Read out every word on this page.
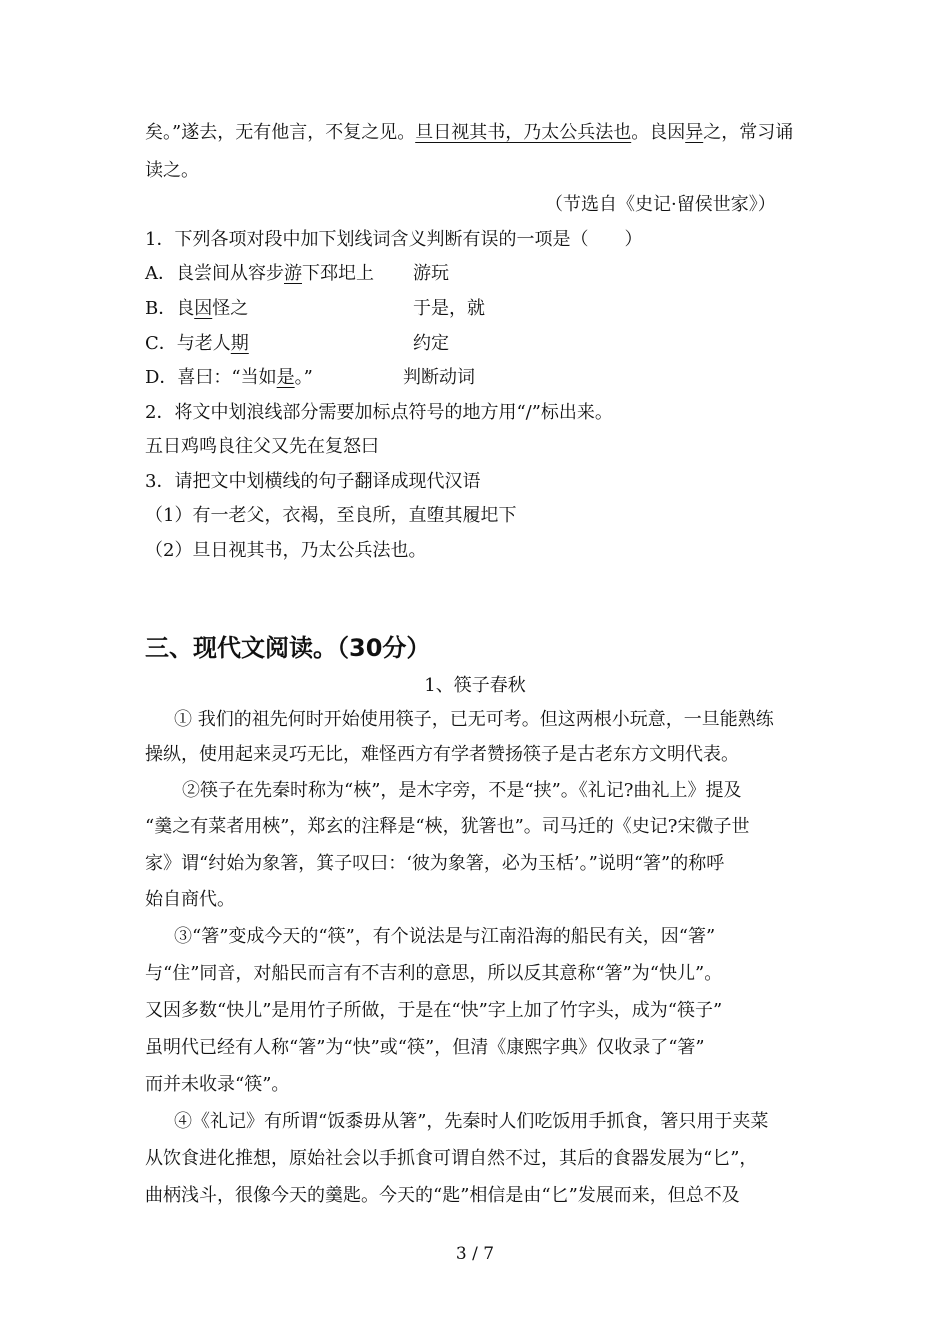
矣。”遂去，无有他言，不复之见。旦日视其书，乃太公兵法也。良因异之，常习诵
读之。
（节选自《史记·留侯世家》）
1．下列各项对段中加下划线词含义判断有误的一项是（　　）
A．良尝间从容步游下邳圯上 游玩
B．良因怪之	于是，就
C．与老人期	约定
D．喜曰：“当如是。”	判断动词
2．将文中划浪线部分需要加标点符号的地方用“/”标出来。
五日鸡鸣良往父又先在复怒曰
3．请把文中划横线的句子翻译成现代汉语
（1）有一老父，衣褐，至良所，直堕其履圯下
（2）旦日视其书，乃太公兵法也。
三、现代文阅读。（30分）
1、筷子春秋
① 我们的祖先何时开始使用筷子，已无可考。但这两根小玩意，一旦能熟练
操纵，使用起来灵巧无比，难怪西方有学者赞扬筷子是古老东方文明代表。
②筷子在先秦时称为“梜”，是木字旁，不是“挟”。《礼记?曲礼上》提及
“羹之有菜者用梜”，郑玄的注释是“梜，犹箸也”。司马迁的《史记?宋微子世
家》谓“纣始为象箸，箕子叹曰：‘彼为象箸，必为玉栝’。”说明“箸”的称呼
始自商代。
③“箸”变成今天的“筷”，有个说法是与江南沿海的船民有关，因“箸”
与“住”同音，对船民而言有不吉利的意思，所以反其意称“箸”为“快儿”。
又因多数“快儿”是用竹子所做，于是在“快”字上加了竹字头，成为“筷子”
虽明代已经有人称“箸”为“快”或“筷”，但清《康熙字典》仅收录了“箸”
而并未收录“筷”。
④《礼记》有所谓“饭黍毋从箸”，先秦时人们吃饭用手抓食，箸只用于夹菜
从饮食进化推想，原始社会以手抓食可谓自然不过，其后的食器发展为“匕”，
曲柄浅斗，很像今天的羹匙。今天的“匙”相信是由“匕”发展而来，但总不及
3 / 7
